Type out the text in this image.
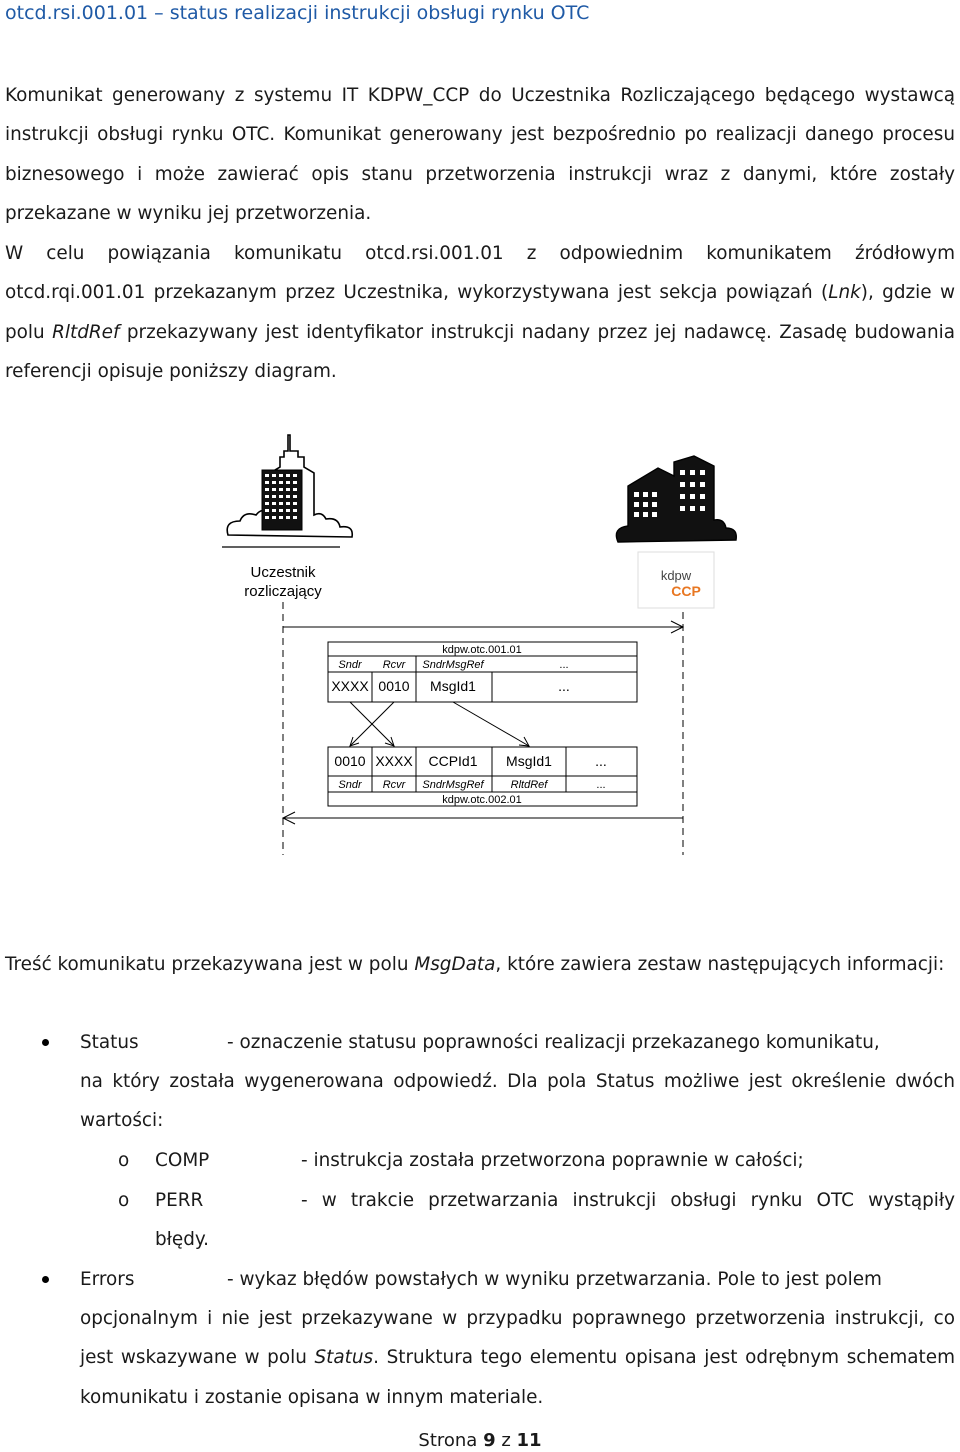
otcd.rsi.001.01 – status realizacji instrukcji obsługi rynku OTC

Komunikat generowany z systemu IT KDPW_CCP do Uczestnika Rozliczającego będącego wystawcą instrukcji obsługi rynku OTC. Komunikat generowany jest bezpośrednio po realizacji danego procesu biznesowego i może zawierać opis stanu przetworzenia instrukcji wraz z danymi, które zostały przekazane w wyniku jej przetworzenia.

W celu powiązania komunikatu otcd.rsi.001.01 z odpowiednim komunikatem źródłowym otcd.rqi.001.01 przekazanym przez Uczestnika, wykorzystywana jest sekcja powiązań (Lnk), gdzie w polu RltdRef przekazywany jest identyfikator instrukcji nadany przez jej nadawcę. Zasadę budowania referencji opisuje poniższy diagram.

Uczestnik
rozliczający
kdpw
CCP
kdpw.otc.001.01
Sndr Rcvr SndrMsgRef	...
XXXX 0010 MsgId1	...
0010 XXXX CCPId1 MsgId1	...
Sndr Rcvr SndrMsgRef RltdRef	...
kdpw.otc.002.01

Treść komunikatu przekazywana jest w polu MsgData, które zawiera zestaw następujących informacji:

Status	- oznaczenie statusu poprawności realizacji przekazanego komunikatu,

na który została wygenerowana odpowiedź. Dla pola Status możliwe jest określenie dwóch wartości:

o COMP	- instrukcja została przetworzona poprawnie w całości;
o PERR	- w trakcie przetwarzania instrukcji obsługi rynku OTC wystąpiły
błędy.
Errors	- wykaz błędów powstałych w wyniku przetwarzania. Pole to jest polem

opcjonalnym i nie jest przekazywane w przypadku poprawnego przetworzenia instrukcji, co jest wskazywane w polu Status. Struktura tego elementu opisana jest odrębnym schematem komunikatu i zostanie opisana w innym materiale.

Strona 9 z 11
